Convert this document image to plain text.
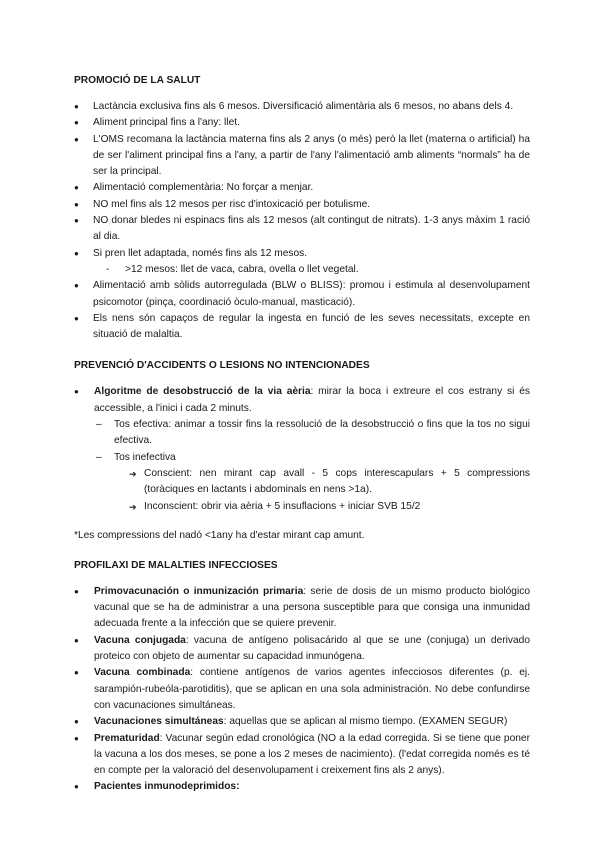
PROMOCIÓ DE LA SALUT
● Lactància exclusiva fins als 6 mesos. Diversificació alimentària als 6 mesos, no abans dels 4.
● Aliment principal fins a l'any: llet.
● L'OMS recomana la lactància materna fins als 2 anys (o més) però la llet (materna o artificial) ha de ser l'aliment principal fins a l'any, a partir de l'any l'alimentació amb aliments “normals” ha de ser la principal.
● Alimentació complementària: No forçar a menjar.
● NO mel fins als 12 mesos per risc d'intoxicació per botulisme.
● NO donar bledes ni espinacs fins als 12 mesos (alt contingut de nitrats). 1-3 anys màxim 1 ració al dia.
● Si pren llet adaptada, només fins als 12 mesos.
- >12 mesos: llet de vaca, cabra, ovella o llet vegetal.
● Alimentació amb sòlids autorregulada (BLW o BLISS): promou i estimula al desenvolupament psicomotor (pinça, coordinació òculo-manual, masticació).
● Els nens són capaços de regular la ingesta en funció de les seves necessitats, excepte en situació de malaltia.
PREVENCIÓ D'ACCIDENTS O LESIONS NO INTENCIONADES
● Algoritme de desobstrucció de la via aèria: mirar la boca i extreure el cos estrany si és accessible, a l'inici i cada 2 minuts.
– Tos efectiva: animar a tossir fins la ressolució de la desobstrucció o fins que la tos no sigui efectiva.
– Tos inefectiva
➔ Conscient: nen mirant cap avall - 5 cops interescapulars + 5 compressions (toràciques en lactants i abdominals en nens >1a).
➔ Inconscient: obrir via aèria + 5 insuflacions + iniciar SVB 15/2
*Les compressions del nadó <1any ha d'estar mirant cap amunt.
PROFILAXI DE MALALTIES INFECCIOSES
● Primovacunación o inmunización primaria: serie de dosis de un mismo producto biológico vacunal que se ha de administrar a una persona susceptible para que consiga una inmunidad adecuada frente a la infección que se quiere prevenir.
● Vacuna conjugada: vacuna de antígeno polisacárido al que se une (conjuga) un derivado proteico con objeto de aumentar su capacidad inmunógena.
● Vacuna combinada: contiene antígenos de varios agentes infecciosos diferentes (p. ej. sarampión-rubeóla-parotiditis), que se aplican en una sola administración. No debe confundirse con vacunaciones simultáneas.
● Vacunaciones simultáneas: aquellas que se aplican al mismo tiempo. (EXAMEN SEGUR)
● Prematuridad: Vacunar según edad cronológica (NO a la edad corregida. Si se tiene que poner la vacuna a los dos meses, se pone a los 2 meses de nacimiento). (l'edat corregida només es té en compte per la valoració del desenvolupament i creixement fins als 2 anys).
● Pacientes inmunodeprimidos:
